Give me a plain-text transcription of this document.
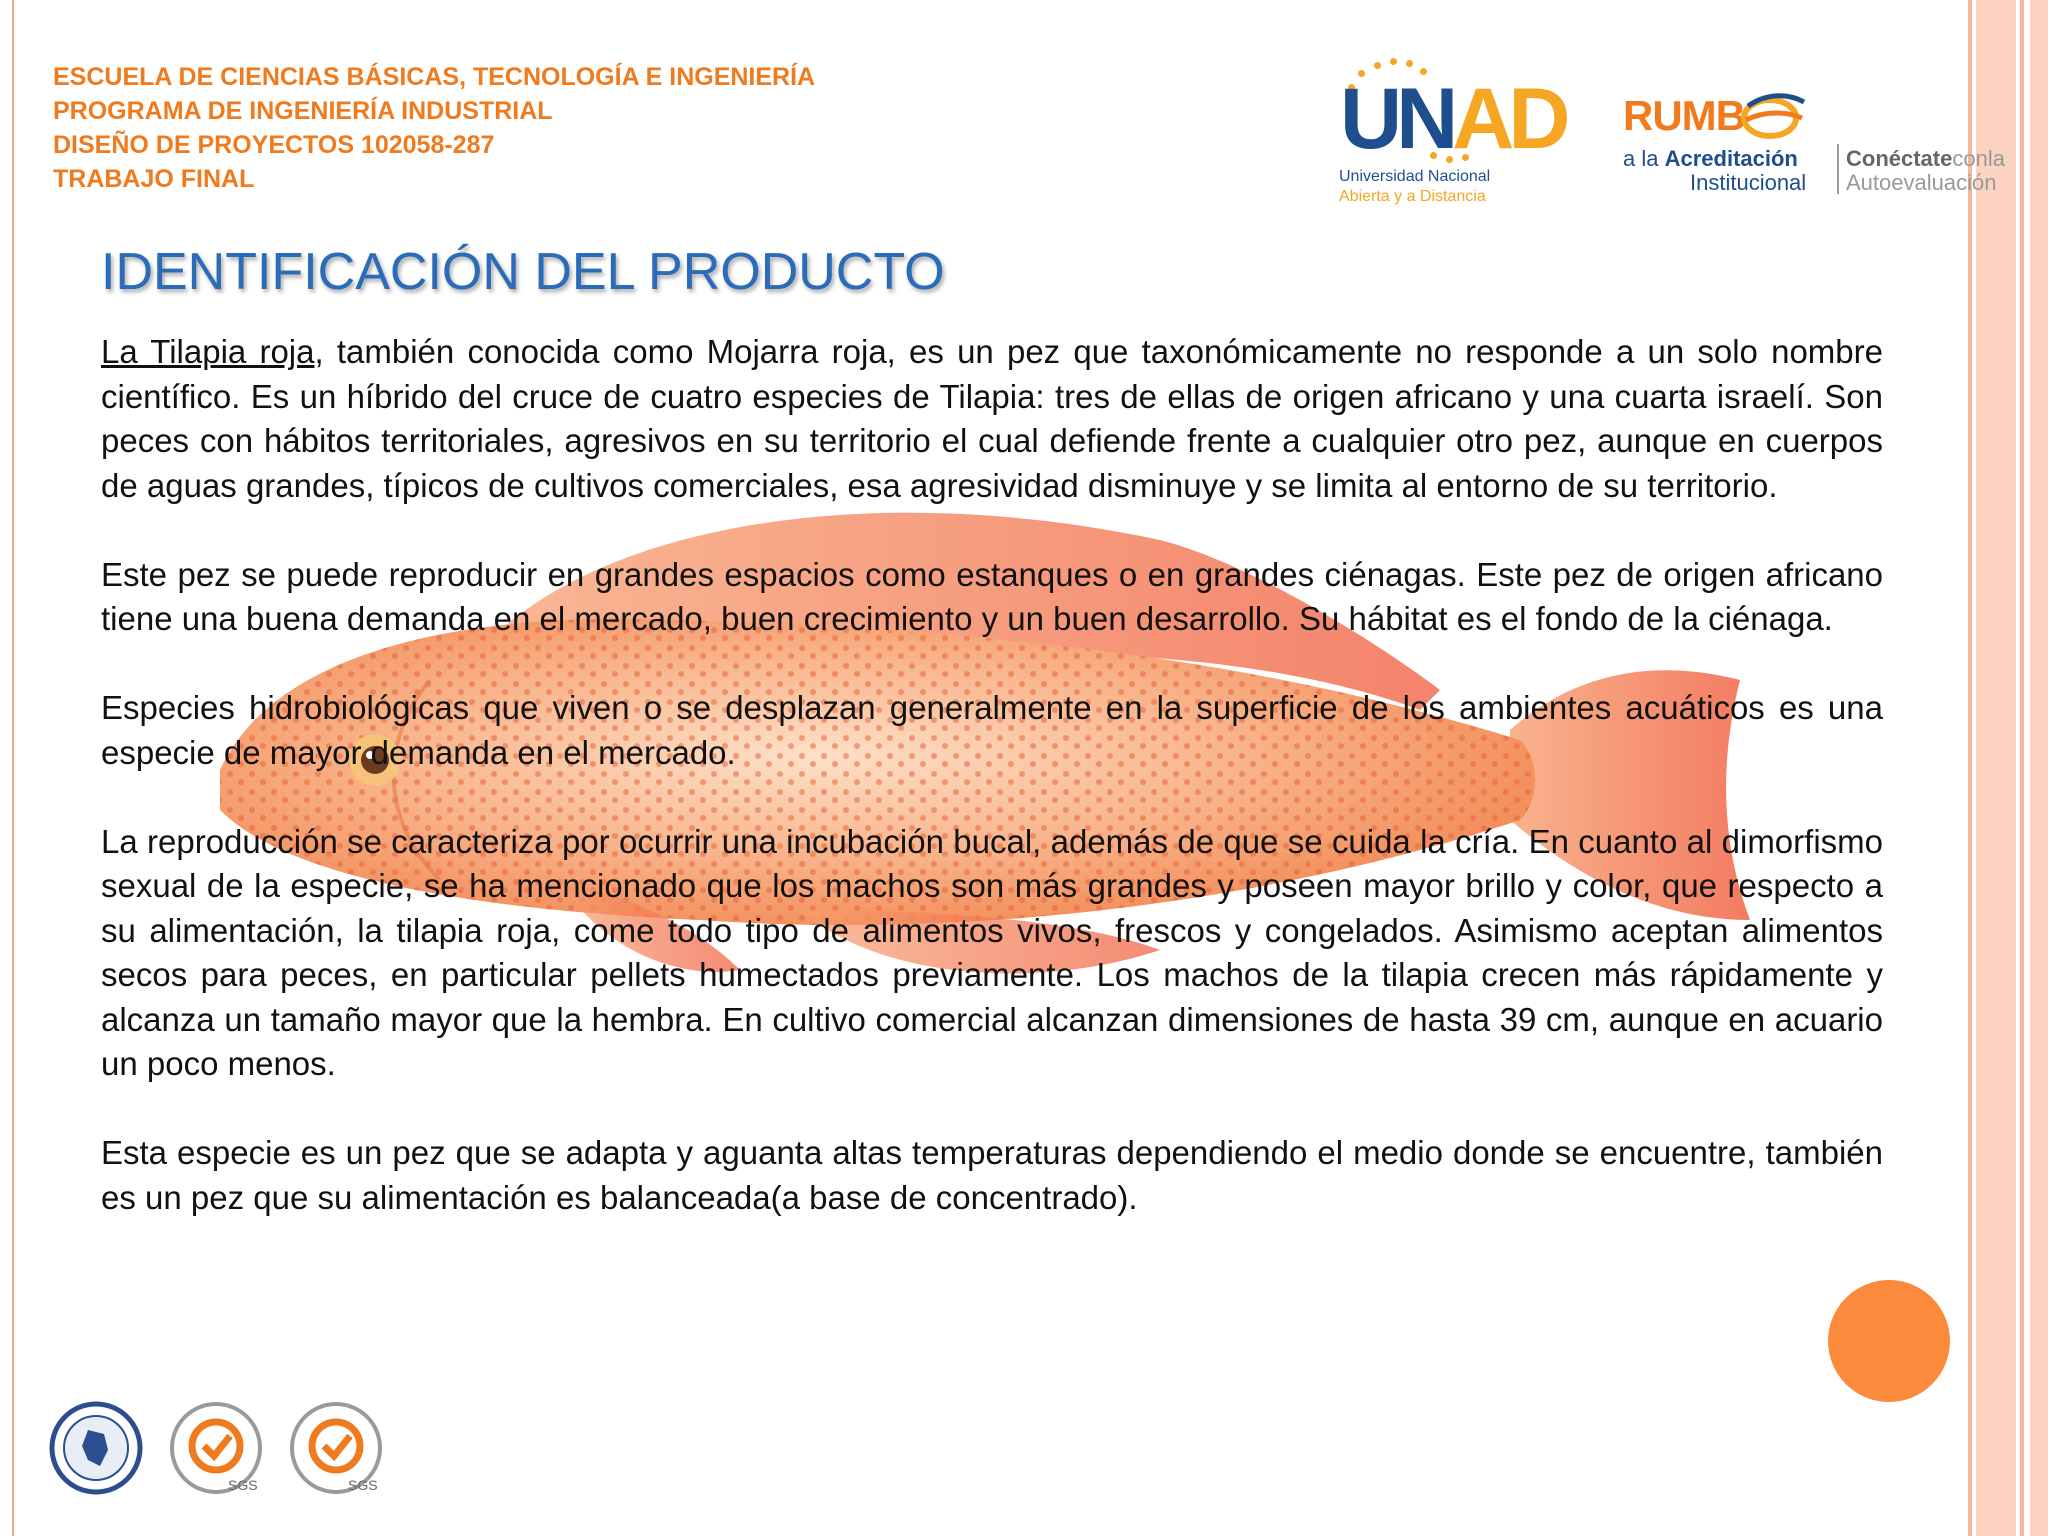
ESCUELA DE CIENCIAS BÁSICAS, TECNOLOGÍA E INGENIERÍA
PROGRAMA DE INGENIERÍA INDUSTRIAL
DISEÑO DE PROYECTOS 102058-287
TRABAJO FINAL
UNAD
Universidad Nacional
Abierta y a Distancia
RUMB
a la Acreditación
Institucional
Conéctateconla
Autoevaluación
IDENTIFICACIÓN DEL PRODUCTO

La Tilapia roja, también conocida como Mojarra roja, es un pez que taxonómicamente no responde a un solo nombre científico. Es un híbrido del cruce de cuatro especies de Tilapia: tres de ellas de origen africano y una cuarta israelí. Son peces con hábitos territoriales, agresivos en su territorio el cual defiende frente a cualquier otro pez, aunque en cuerpos de aguas grandes, típicos de cultivos comerciales, esa agresividad disminuye y se limita al entorno de su territorio.

Este pez se puede reproducir en grandes espacios como estanques o en grandes ciénagas. Este pez de origen africano tiene una buena demanda en el mercado, buen crecimiento y un buen desarrollo. Su hábitat es el fondo de la ciénaga.

Especies hidrobiológicas que viven o se desplazan generalmente en la superficie de los ambientes acuáticos es una especie de mayor demanda en el mercado.

La reproducción se caracteriza por ocurrir una incubación bucal, además de que se cuida la cría. En cuanto al dimorfismo sexual de la especie, se ha mencionado que los machos son más grandes y poseen mayor brillo y color, que respecto a su alimentación, la tilapia roja, come todo tipo de alimentos vivos, frescos y congelados. Asimismo aceptan alimentos secos para peces, en particular pellets humectados previamente. Los machos de la tilapia crecen más rápidamente y alcanza un tamaño mayor que la hembra. En cultivo comercial alcanzan dimensiones de hasta 39 cm, aunque en acuario un poco menos.

Esta especie es un pez que se adapta y aguanta altas temperaturas dependiendo el medio donde se encuentre, también es un pez que su alimentación es balanceada(a base de concentrado).

SGS	SGS
